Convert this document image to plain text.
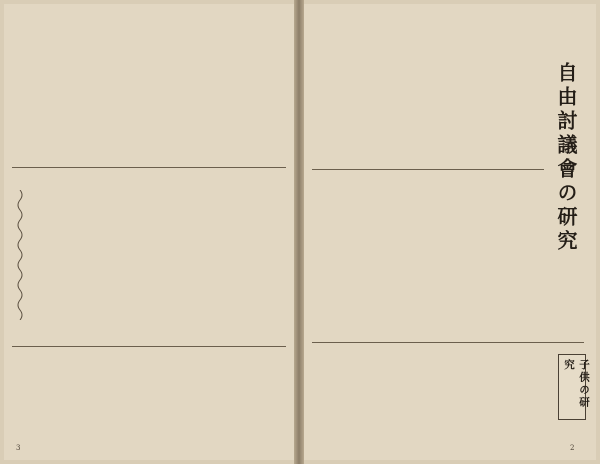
自由討議會の研究
子供の研究
2
3
